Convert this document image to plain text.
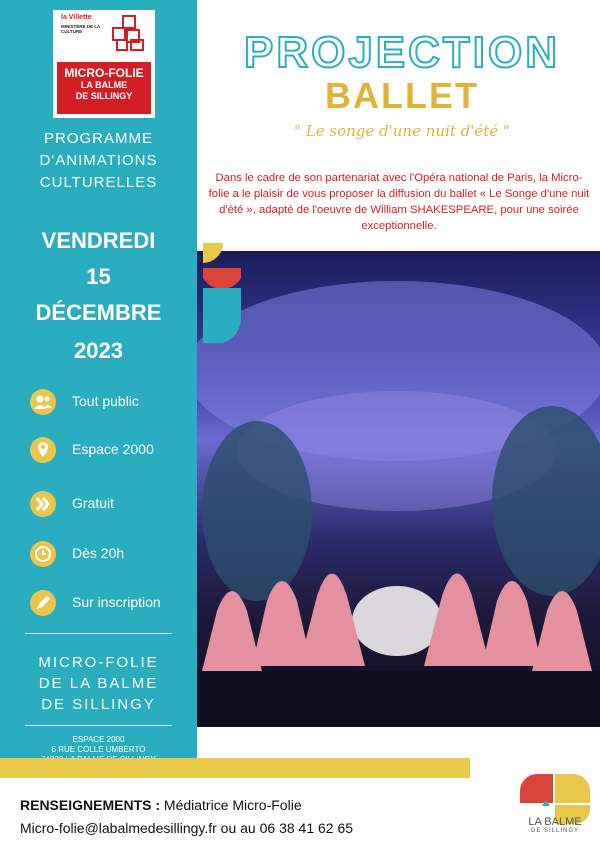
la Villette
MINISTÈRE DE LA CULTURE
MICRO-FOLIE
LA BALME
DE SILLINGY
PROGRAMME
D'ANIMATIONS
CULTURELLES
VENDREDI
15
DÉCEMBRE
2023
Tout public
Espace 2000
Gratuit
Dès 20h
Sur inscription
MICRO-FOLIE
DE LA BALME
DE SILLINGY
ESPACE 2000
6 RUE COLLE UMBERTO
PROJECTION
BALLET
" Le songe d'une nuit d'été "
Dans le cadre de son partenariat avec l'Opéra national de Paris, la Micro-folie a le plaisir de vous proposer la diffusion du ballet « Le Songe d'une nuit d'été », adapté de l'oeuvre de William SHAKESPEARE, pour une soirée exceptionnelle.
LA BALME
DE SILLINGY
RENSEIGNEMENTS : Médiatrice Micro-Folie
Micro-folie@labalmedesillingy.fr ou au 06 38 41 62 65
